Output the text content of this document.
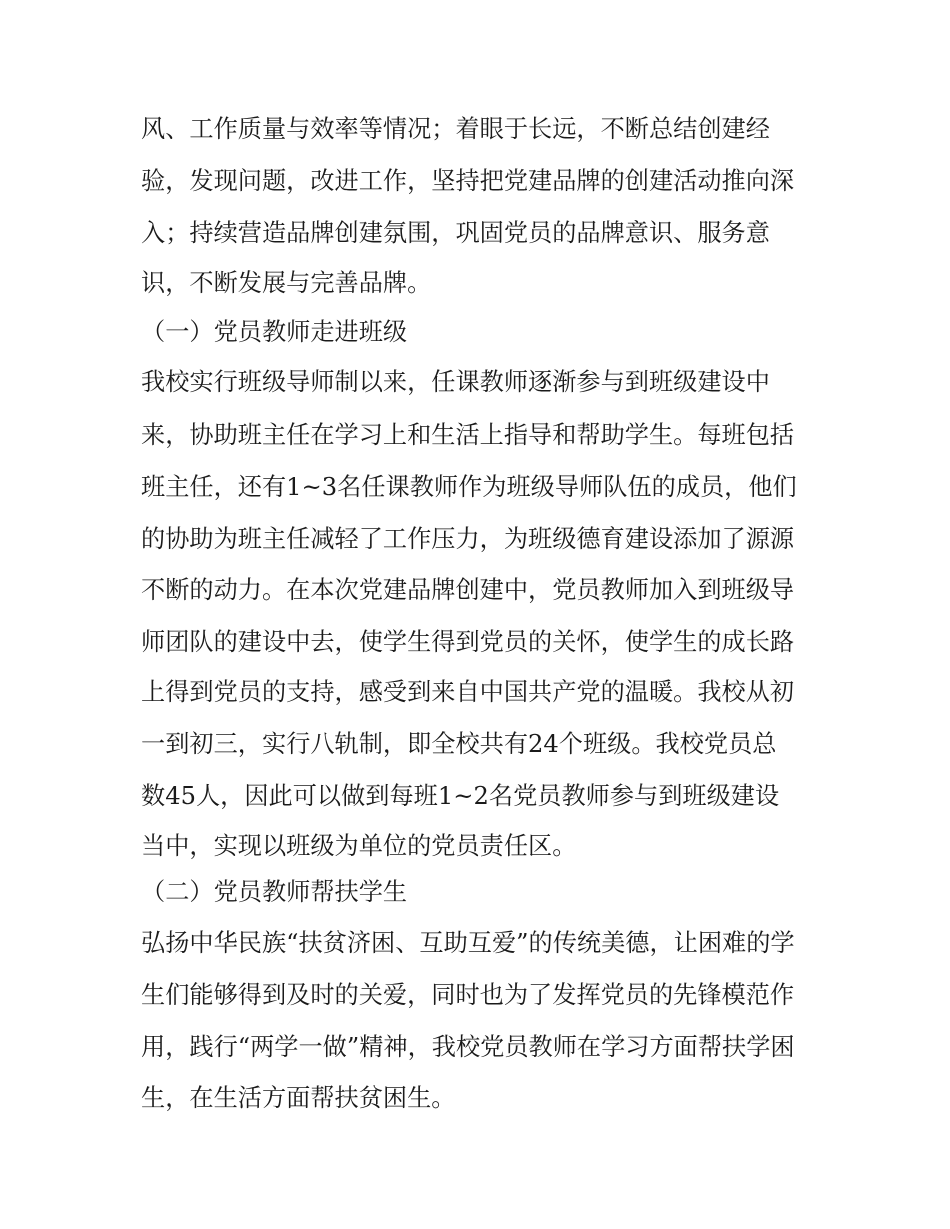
风、工作质量与效率等情况；着眼于长远，不断总结创建经
验，发现问题，改进工作，坚持把党建品牌的创建活动推向深
入；持续营造品牌创建氛围，巩固党员的品牌意识、服务意
识，不断发展与完善品牌。
（一）党员教师走进班级
我校实行班级导师制以来，任课教师逐渐参与到班级建设中
来，协助班主任在学习上和生活上指导和帮助学生。每班包括
班主任，还有1~3名任课教师作为班级导师队伍的成员，他们
的协助为班主任减轻了工作压力，为班级德育建设添加了源源
不断的动力。在本次党建品牌创建中，党员教师加入到班级导
师团队的建设中去，使学生得到党员的关怀，使学生的成长路
上得到党员的支持，感受到来自中国共产党的温暖。我校从初
一到初三，实行八轨制，即全校共有24个班级。我校党员总
数45人，因此可以做到每班1~2名党员教师参与到班级建设
当中，实现以班级为单位的党员责任区。
（二）党员教师帮扶学生
弘扬中华民族“扶贫济困、互助互爱”的传统美德，让困难的学
生们能够得到及时的关爱，同时也为了发挥党员的先锋模范作
用，践行“两学一做”精神，我校党员教师在学习方面帮扶学困
生，在生活方面帮扶贫困生。
